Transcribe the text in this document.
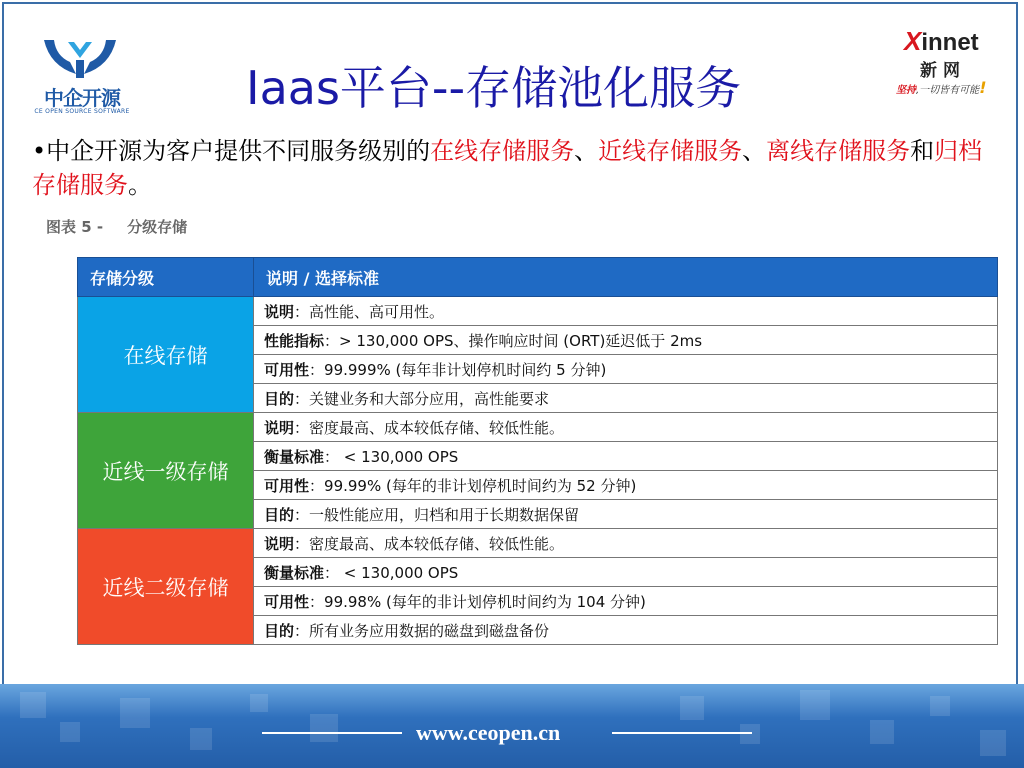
中企开源
CE OPEN SOURCE SOFTWARE
Xinnet
新网
坚持,一切皆有可能!
Iaas平台--存储池化服务
•中企开源为客户提供不同服务级别的在线存储服务、近线存储服务、离线存储服务和归档存储服务。
图表 5 - 分级存储
存储分级	说明 / 选择标准
在线存储	说明：高性能、高可用性。
	性能指标：> 130,000 OPS、操作响应时间 (ORT)延迟低于 2ms
	可用性：99.999% (每年非计划停机时间约 5 分钟)
	目的：关键业务和大部分应用，高性能要求
近线一级存储	说明：密度最高、成本较低存储、较低性能。
	衡量标准： < 130,000 OPS
	可用性：99.99% (每年的非计划停机时间约为 52 分钟)
	目的：一般性能应用，归档和用于长期数据保留
近线二级存储	说明：密度最高、成本较低存储、较低性能。
	衡量标准： < 130,000 OPS
	可用性：99.98% (每年的非计划停机时间约为 104 分钟)
	目的：所有业务应用数据的磁盘到磁盘备份
www.ceopen.cn
